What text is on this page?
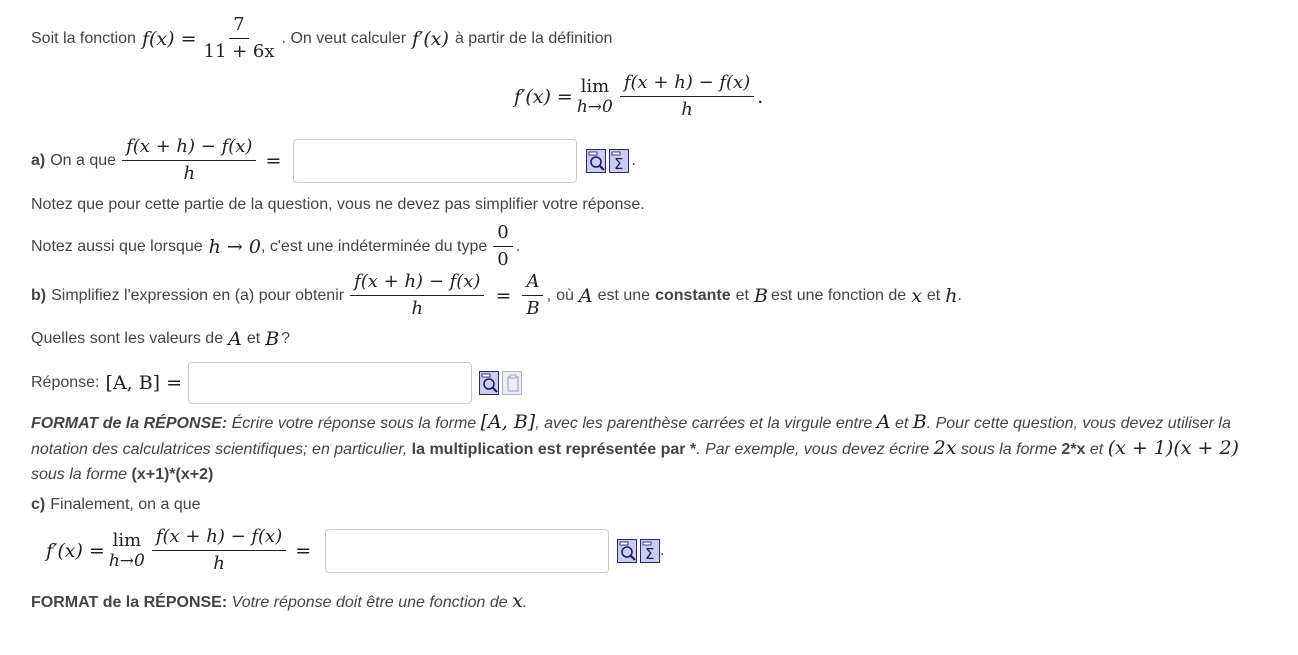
Soit la fonction $f(x) = \frac{7}{11 + 6x}$ . On veut calculer f′(x) à partir de la définition
f′(x) = lim
$h\to 0 \frac{f(x + h) - f(x)}{h}$ .
a) On a que $\frac{f(x + h) - f(x)}{h}$ =	Σ .
Notez que pour cette partie de la question, vous ne devez pas simplifier votre réponse.
Notez aussi que lorsque h → 0 , c'est une indéterminée du type $\frac{0}{0}$ .
b) Simplifiez l'expression en (a) pour obtenir $\frac{f(x + h) - f(x)}{h} = \frac{A}{B}$ , où A est une constante et B est une fonction de x et h .
Quelles sont les valeurs de A et B ?
Réponse: [A, B] =
FORMAT de la RÉPONSE: Écrire votre réponse sous la forme [A, B], avec les parenthèse carrées et la virgule entre A et B. Pour cette question, vous devez utiliser la notation des calculatrices scientifiques; en particulier, la multiplication est représentée par *. Par exemple, vous devez écrire 2x sous la forme 2*x et (x + 1)(x + 2) sous la forme (x+1)*(x+2)
c) Finalement, on a que
f′(x) = lim
$h\to 0 \frac{f(x + h) - f(x)}{h}$ =	Σ .
FORMAT de la RÉPONSE: Votre réponse doit être une fonction de x.
